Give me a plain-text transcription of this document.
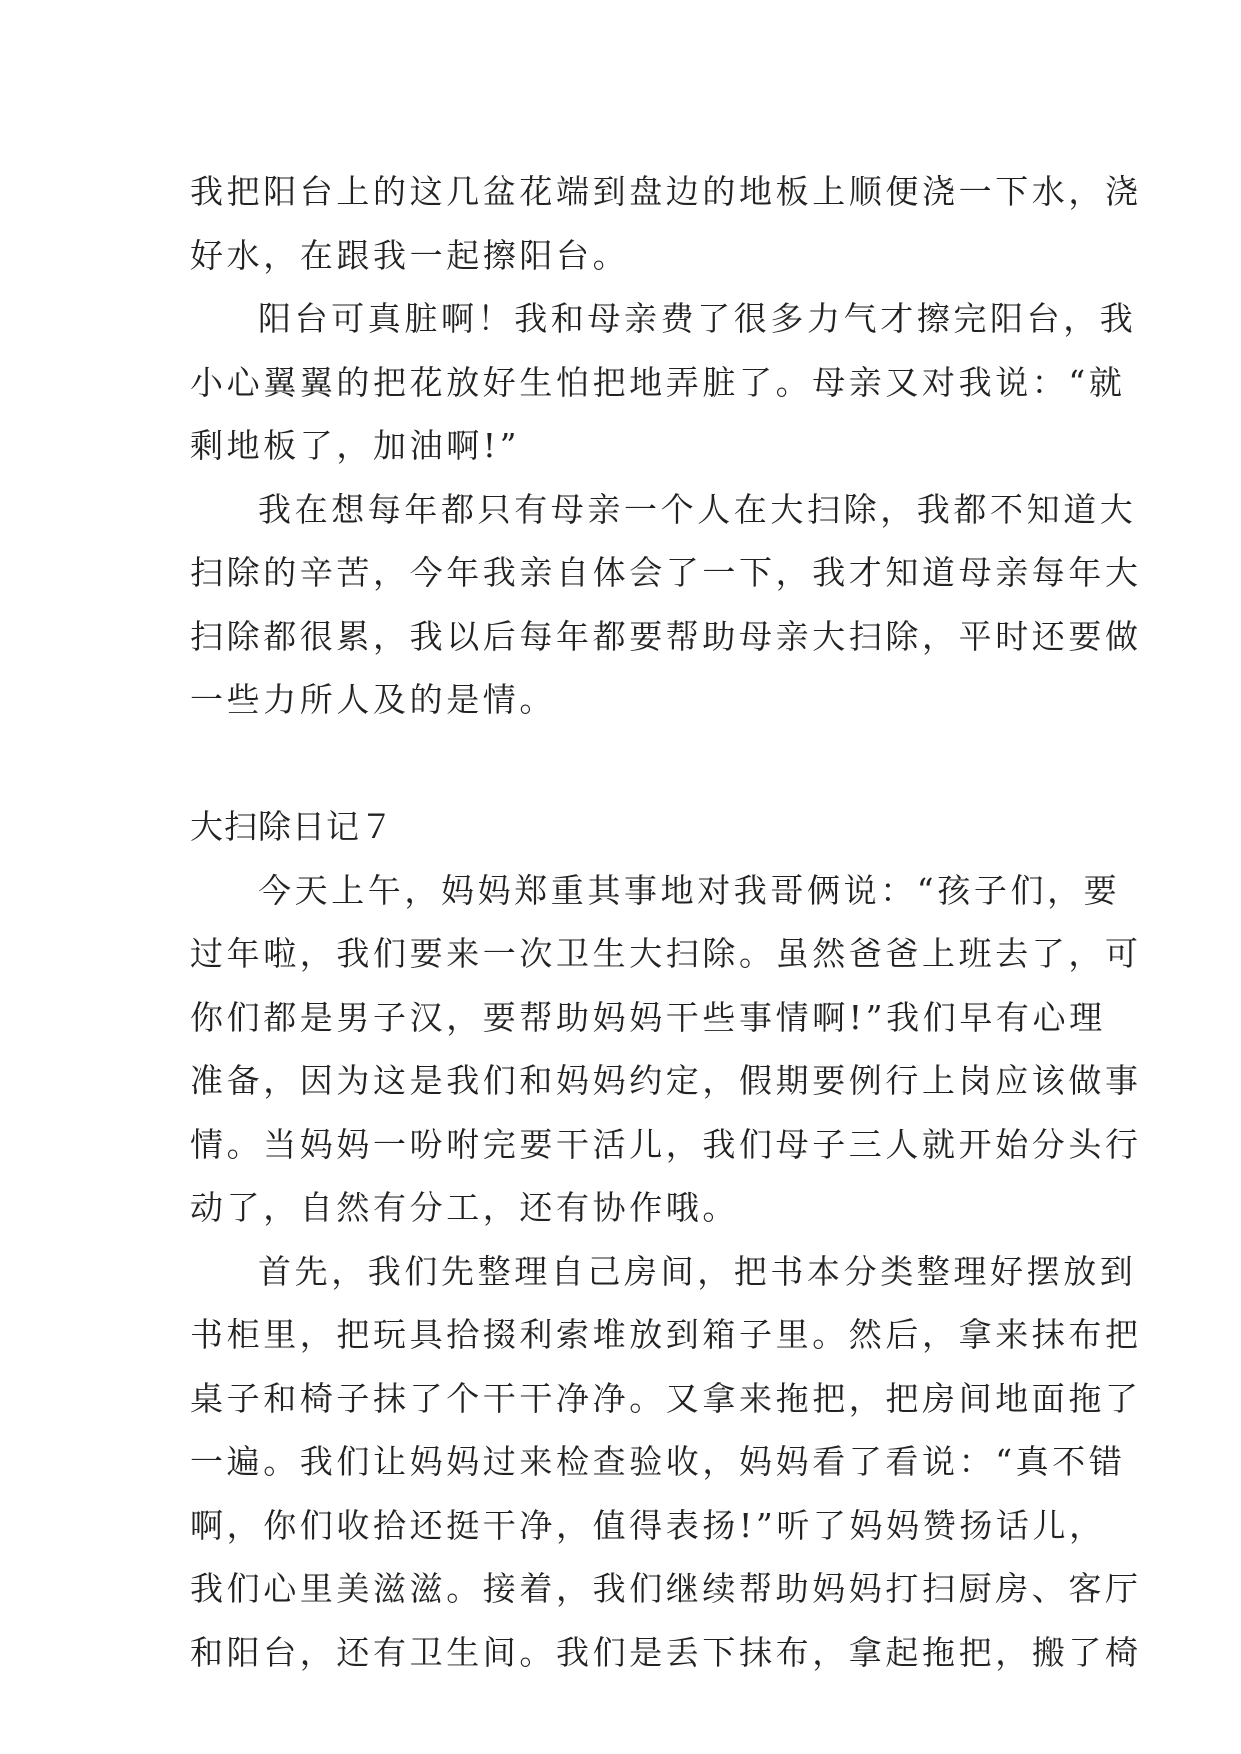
我把阳台上的这几盆花端到盘边的地板上顺便浇一下水，浇
好水，在跟我一起擦阳台。
阳台可真脏啊！我和母亲费了很多力气才擦完阳台，我
小心翼翼的把花放好生怕把地弄脏了。母亲又对我说：“就
剩地板了，加油啊!”
我在想每年都只有母亲一个人在大扫除，我都不知道大
扫除的辛苦，今年我亲自体会了一下，我才知道母亲每年大
扫除都很累，我以后每年都要帮助母亲大扫除，平时还要做
一些力所人及的是情。
大扫除日记７
今天上午，妈妈郑重其事地对我哥俩说：“孩子们，要
过年啦，我们要来一次卫生大扫除。虽然爸爸上班去了，可
你们都是男子汉，要帮助妈妈干些事情啊!”我们早有心理
准备，因为这是我们和妈妈约定，假期要例行上岗应该做事
情。当妈妈一吩咐完要干活儿，我们母子三人就开始分头行
动了，自然有分工，还有协作哦。
首先，我们先整理自己房间，把书本分类整理好摆放到
书柜里，把玩具拾掇利索堆放到箱子里。然后，拿来抹布把
桌子和椅子抹了个干干净净。又拿来拖把，把房间地面拖了
一遍。我们让妈妈过来检查验收，妈妈看了看说：“真不错
啊，你们收拾还挺干净，值得表扬!”听了妈妈赞扬话儿，
我们心里美滋滋。接着，我们继续帮助妈妈打扫厨房、客厅
和阳台，还有卫生间。我们是丢下抹布，拿起拖把，搬了椅
